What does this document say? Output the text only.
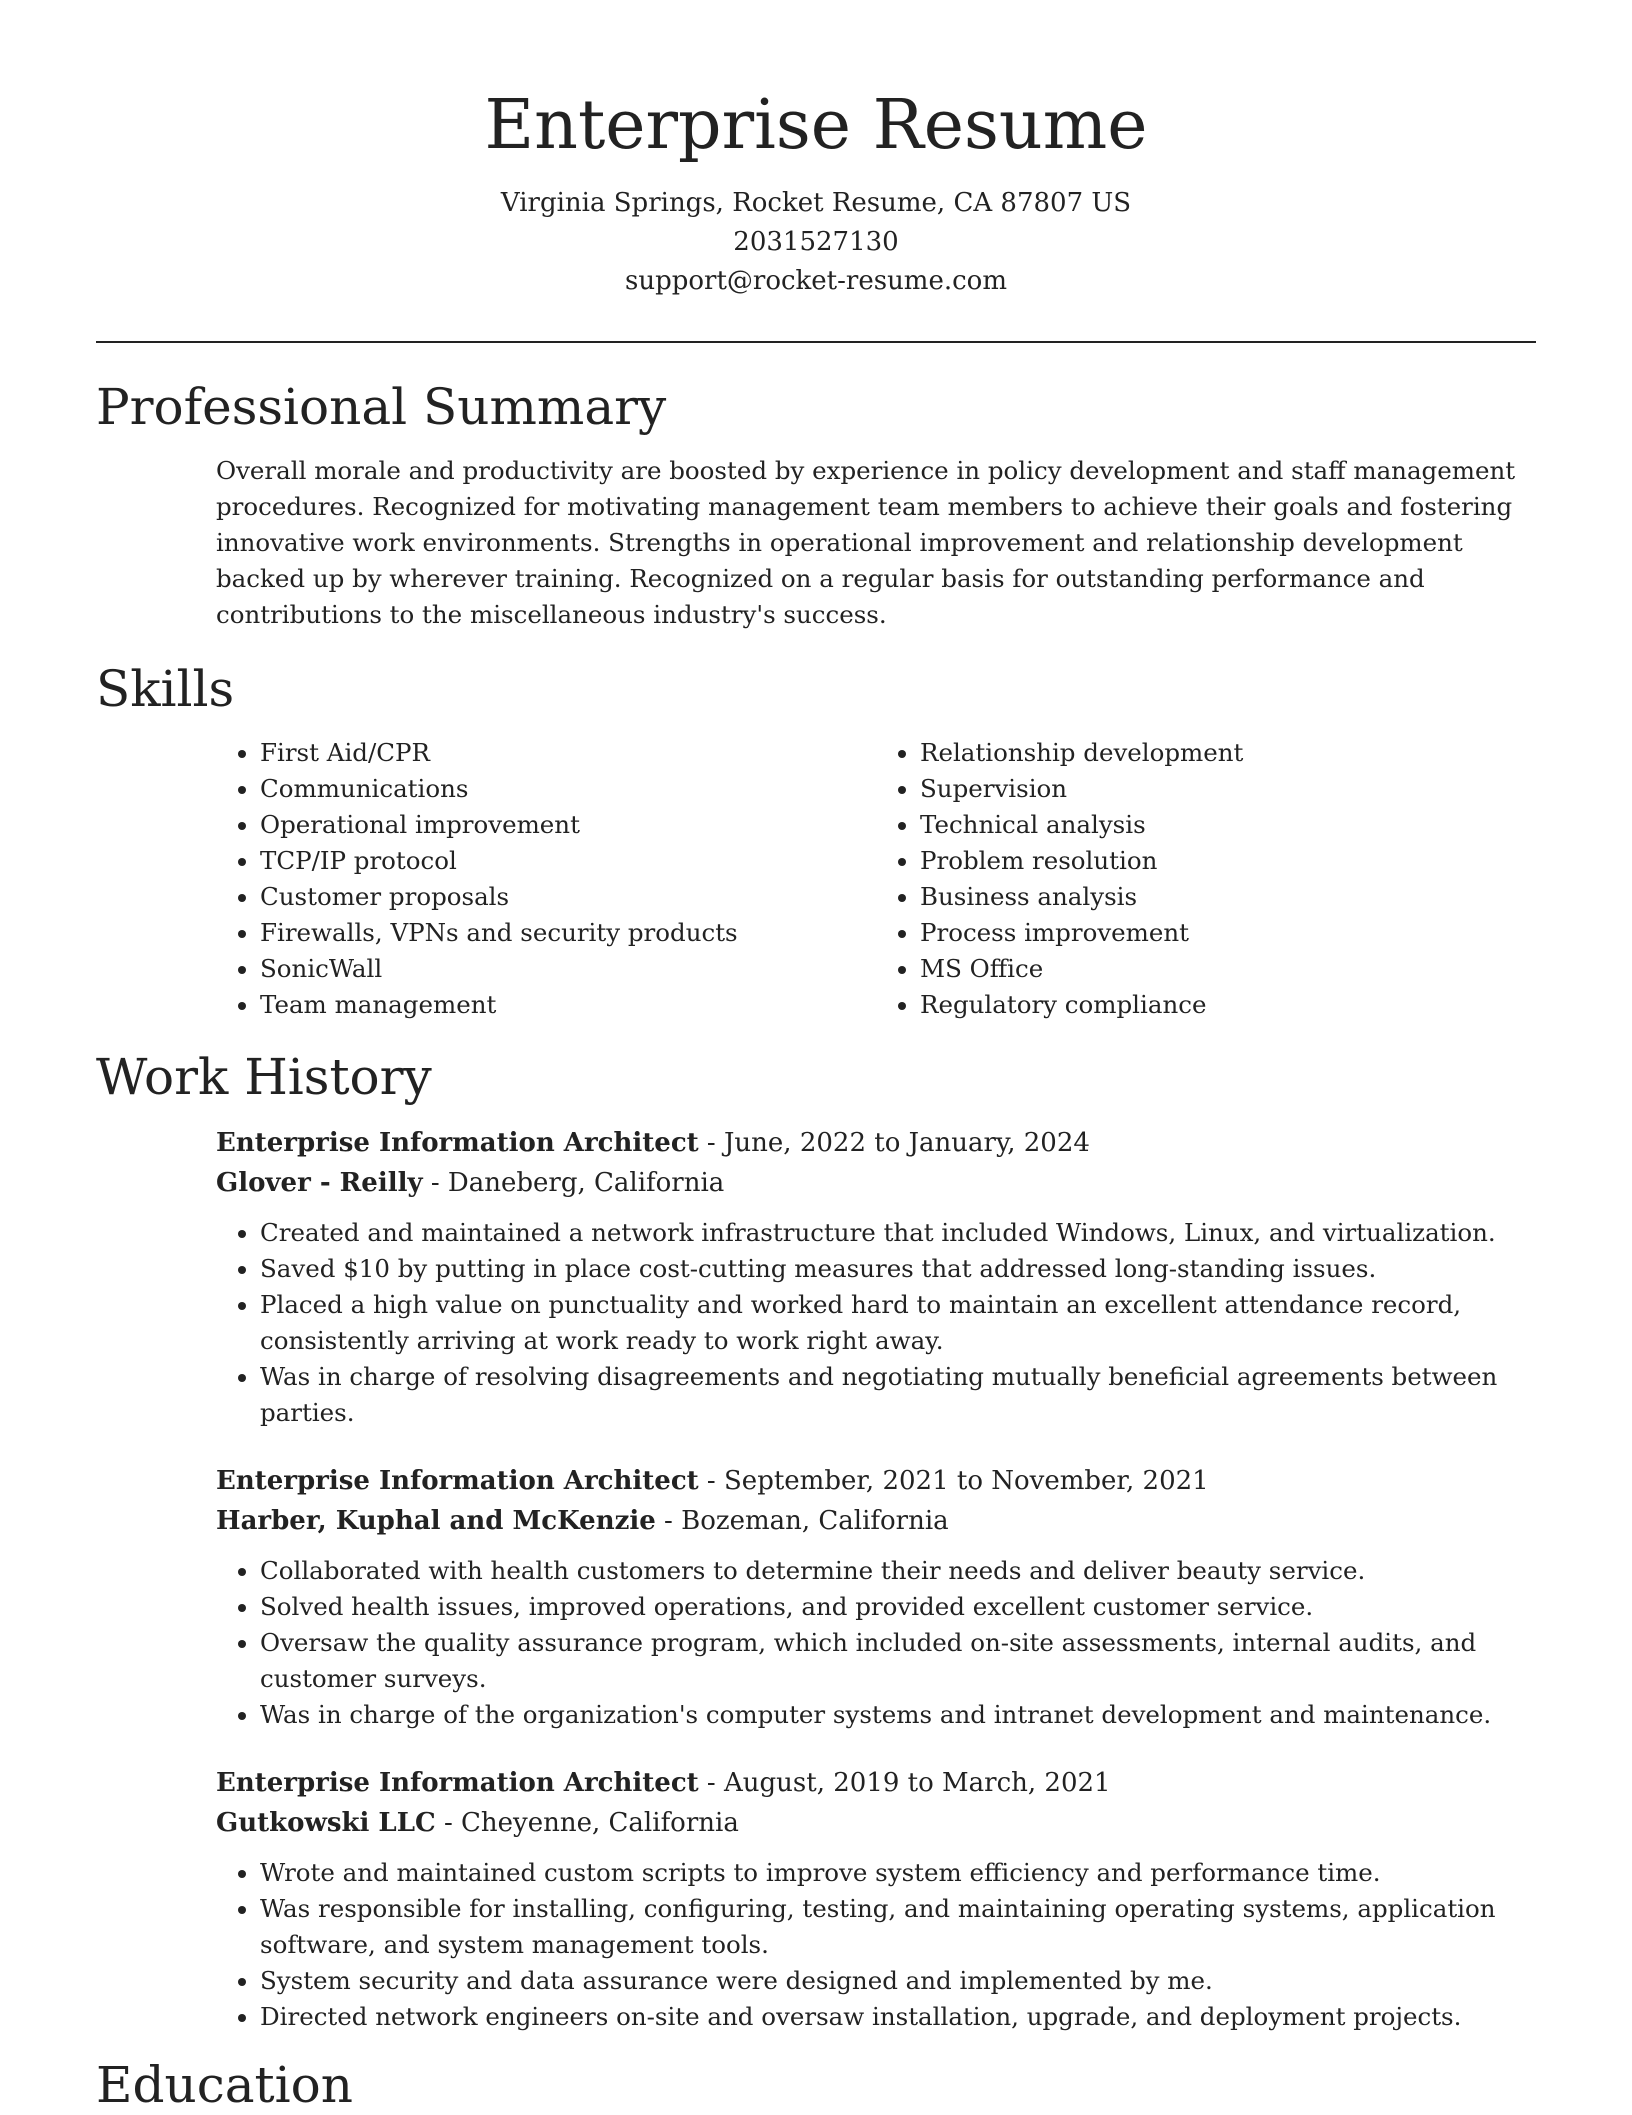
Enterprise Resume
Virginia Springs, Rocket Resume, CA 87807 US
2031527130
support@rocket-resume.com
Professional Summary

Overall morale and productivity are boosted by experience in policy development and staff management procedures. Recognized for motivating management team members to achieve their goals and fostering innovative work environments. Strengths in operational improvement and relationship development backed up by wherever training. Recognized on a regular basis for outstanding performance and contributions to the miscellaneous industry's success.

Skills
• First Aid/CPR
• Communications
• Operational improvement
• TCP/IP protocol
• Customer proposals
• Firewalls, VPNs and security products
• SonicWall
• Team management
• Relationship development
• Supervision
• Technical analysis
• Problem resolution
• Business analysis
• Process improvement
• MS Office
• Regulatory compliance
Work History
Enterprise Information Architect - June, 2022 to January, 2024
Glover - Reilly - Daneberg, California
• Created and maintained a network infrastructure that included Windows, Linux, and virtualization.
• Saved $10 by putting in place cost-cutting measures that addressed long-standing issues.
• Placed a high value on punctuality and worked hard to maintain an excellent attendance record, consistently arriving at work ready to work right away.
• Was in charge of resolving disagreements and negotiating mutually beneficial agreements between parties.
Enterprise Information Architect - September, 2021 to November, 2021
Harber, Kuphal and McKenzie - Bozeman, California
• Collaborated with health customers to determine their needs and deliver beauty service.
• Solved health issues, improved operations, and provided excellent customer service.
• Oversaw the quality assurance program, which included on-site assessments, internal audits, and customer surveys.
• Was in charge of the organization's computer systems and intranet development and maintenance.
Enterprise Information Architect - August, 2019 to March, 2021
Gutkowski LLC - Cheyenne, California
• Wrote and maintained custom scripts to improve system efficiency and performance time.
• Was responsible for installing, configuring, testing, and maintaining operating systems, application software, and system management tools.
• System security and data assurance were designed and implemented by me.
• Directed network engineers on-site and oversaw installation, upgrade, and deployment projects.
Education
